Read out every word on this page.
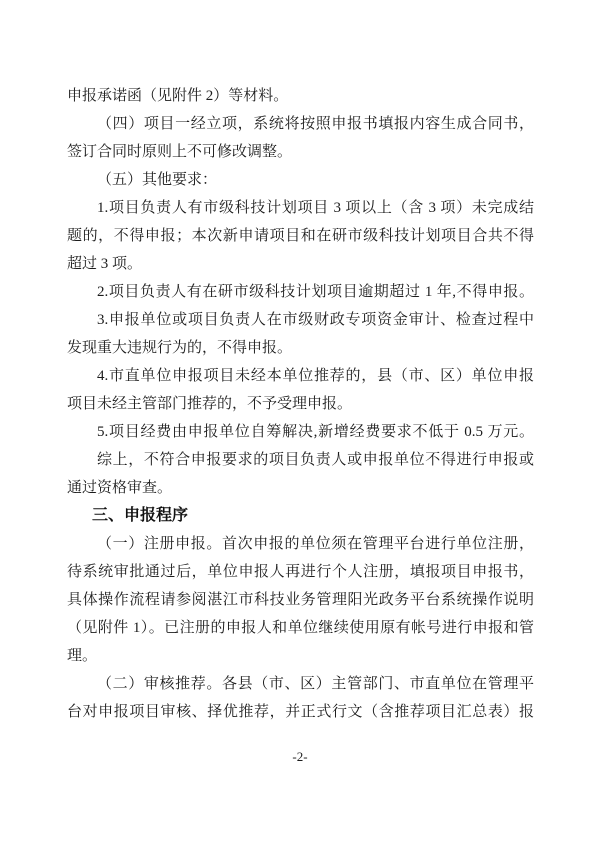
申报承诺函（见附件 2）等材料。
（四）项目一经立项，系统将按照申报书填报内容生成合同书，
签订合同时原则上不可修改调整。
（五）其他要求：
1.项目负责人有市级科技计划项目 3 项以上（含 3 项）未完成结
题的，不得申报；本次新申请项目和在研市级科技计划项目合共不得
超过 3 项。
2.项目负责人有在研市级科技计划项目逾期超过 1 年,不得申报。
3.申报单位或项目负责人在市级财政专项资金审计、检查过程中
发现重大违规行为的，不得申报。
4.市直单位申报项目未经本单位推荐的，县（市、区）单位申报
项目未经主管部门推荐的，不予受理申报。
5.项目经费由申报单位自筹解决,新增经费要求不低于 0.5 万元。
综上，不符合申报要求的项目负责人或申报单位不得进行申报或
通过资格审查。
三、申报程序
（一）注册申报。首次申报的单位须在管理平台进行单位注册，
待系统审批通过后，单位申报人再进行个人注册，填报项目申报书，
具体操作流程请参阅湛江市科技业务管理阳光政务平台系统操作说明
（见附件 1）。已注册的申报人和单位继续使用原有帐号进行申报和管
理。
（二）审核推荐。各县（市、区）主管部门、市直单位在管理平
台对申报项目审核、择优推荐，并正式行文（含推荐项目汇总表）报
-2-
